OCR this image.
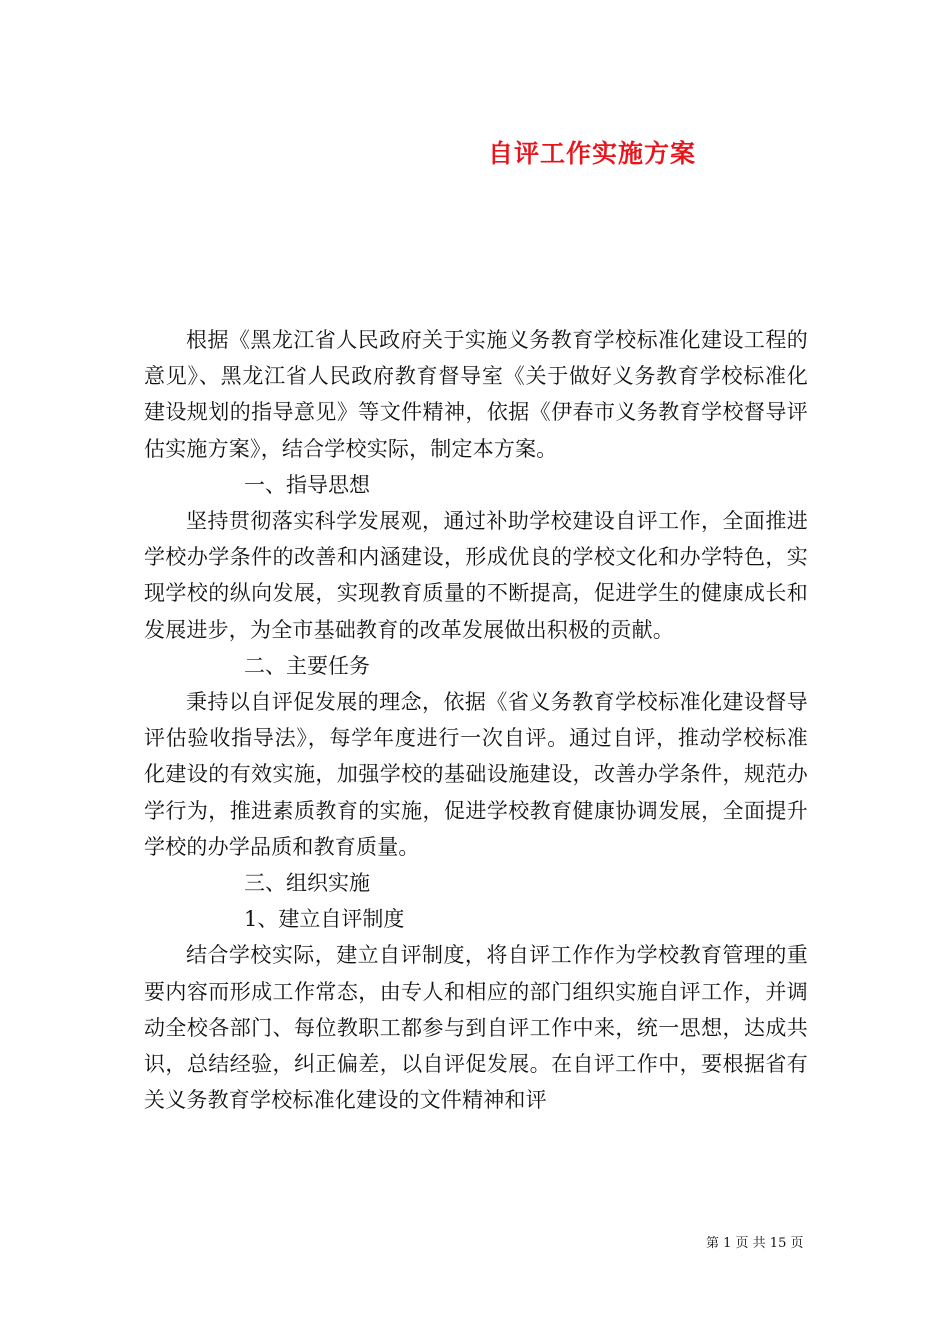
自评工作实施方案

根据《黑龙江省人民政府关于实施义务教育学校标准化建设工程的意见》、黑龙江省人民政府教育督导室《关于做好义务教育学校标准化建设规划的指导意见》等文件精神，依据《伊春市义务教育学校督导评估实施方案》，结合学校实际，制定本方案。

一、指导思想

坚持贯彻落实科学发展观，通过补助学校建设自评工作，全面推进学校办学条件的改善和内涵建设，形成优良的学校文化和办学特色，实现学校的纵向发展，实现教育质量的不断提高，促进学生的健康成长和发展进步，为全市基础教育的改革发展做出积极的贡献。

二、主要任务

秉持以自评促发展的理念，依据《省义务教育学校标准化建设督导评估验收指导法》，每学年度进行一次自评。通过自评，推动学校标准化建设的有效实施，加强学校的基础设施建设，改善办学条件，规范办学行为，推进素质教育的实施，促进学校教育健康协调发展，全面提升学校的办学品质和教育质量。

三、组织实施

1、建立自评制度

结合学校实际，建立自评制度，将自评工作作为学校教育管理的重要内容而形成工作常态，由专人和相应的部门组织实施自评工作，并调动全校各部门、每位教职工都参与到自评工作中来，统一思想，达成共识，总结经验，纠正偏差，以自评促发展。在自评工作中，要根据省有关义务教育学校标准化建设的文件精神和评

第 1 页 共 15 页
